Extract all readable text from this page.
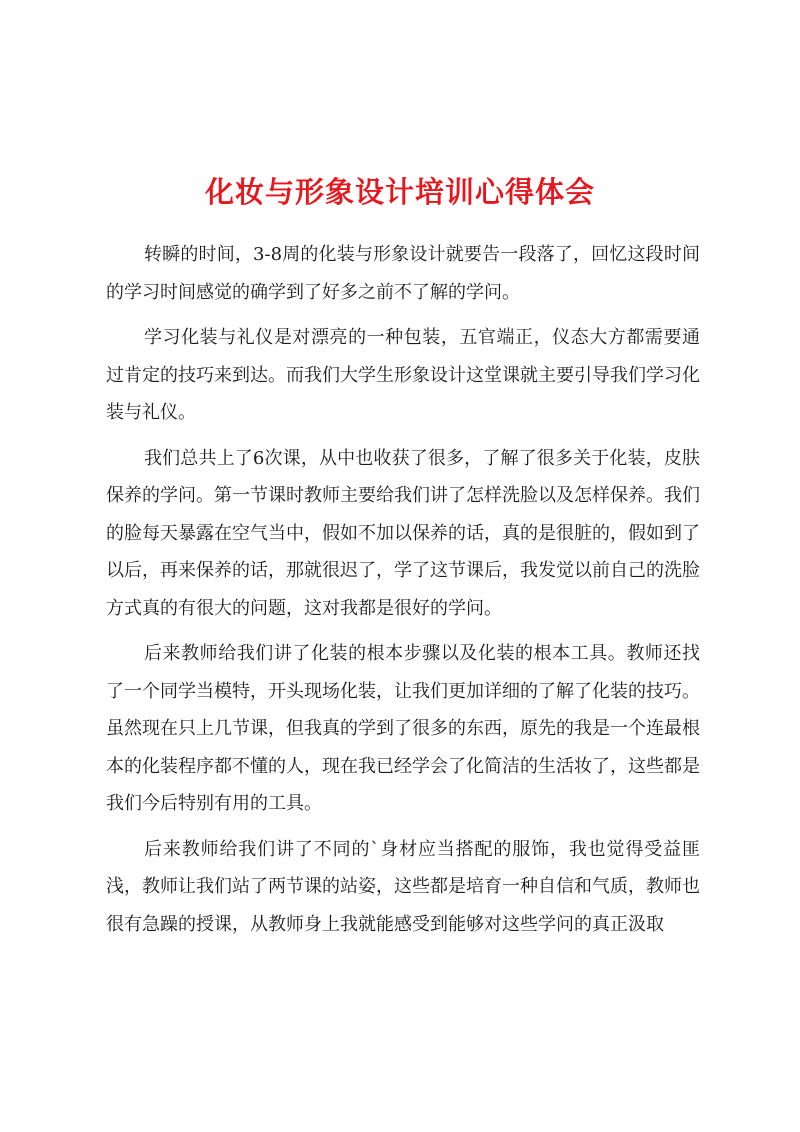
化妆与形象设计培训心得体会

转瞬的时间，3-8周的化装与形象设计就要告一段落了，回忆这段时间的学习时间感觉的确学到了好多之前不了解的学问。

学习化装与礼仪是对漂亮的一种包装，五官端正，仪态大方都需要通过肯定的技巧来到达。而我们大学生形象设计这堂课就主要引导我们学习化装与礼仪。

我们总共上了6次课，从中也收获了很多，了解了很多关于化装，皮肤保养的学问。第一节课时教师主要给我们讲了怎样洗脸以及怎样保养。我们的脸每天暴露在空气当中，假如不加以保养的话，真的是很脏的，假如到了以后，再来保养的话，那就很迟了，学了这节课后，我发觉以前自己的洗脸方式真的有很大的问题，这对我都是很好的学问。

后来教师给我们讲了化装的根本步骤以及化装的根本工具。教师还找了一个同学当模特，开头现场化装，让我们更加详细的了解了化装的技巧。虽然现在只上几节课，但我真的学到了很多的东西，原先的我是一个连最根本的化装程序都不懂的人，现在我已经学会了化简洁的生活妆了，这些都是我们今后特别有用的工具。

后来教师给我们讲了不同的`身材应当搭配的服饰，我也觉得受益匪浅，教师让我们站了两节课的站姿，这些都是培育一种自信和气质，教师也很有急躁的授课，从教师身上我就能感受到能够对这些学问的真正汲取
